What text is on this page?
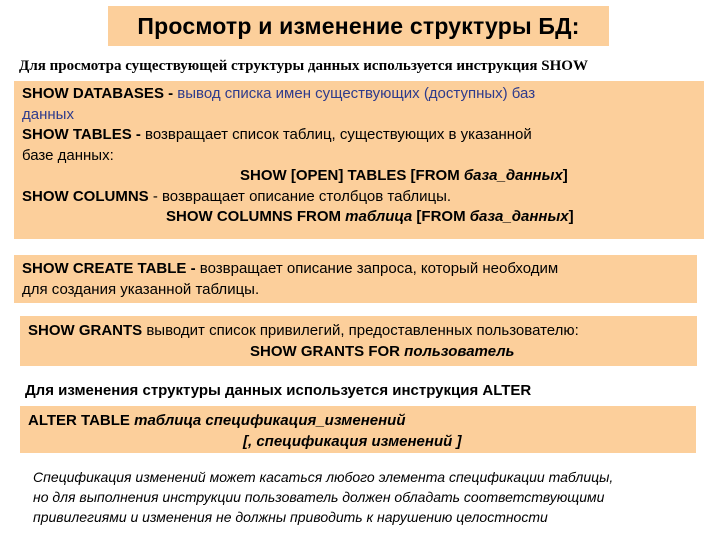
Просмотр и изменение структуры БД:
Для просмотра существующей структуры данных используется инструкция SHOW
SHOW DATABASES - вывод списка имен существующих (доступных) баз
данных
SHOW TABLES - возвращает список таблиц, существующих в указанной
базе данных:
SHOW [OPEN] TABLES [FROM база_данных]
SHOW COLUMNS - возвращает описание столбцов таблицы.
SHOW COLUMNS FROM таблица [FROM база_данных]
SHOW CREATE TABLE - возвращает описание запроса, который необходим
для создания указанной таблицы.
SHOW GRANTS выводит список привилегий, предоставленных пользователю:
SHOW GRANTS FOR пользователь
Для изменения структуры данных используется инструкция ALTER
ALTER TABLE таблица спецификация_изменений
[, спецификация изменений ]
Спецификация изменений может касаться любого элемента спецификации таблицы,
но для выполнения инструкции пользователь должен обладать соответствующими
привилегиями и изменения не должны приводить к нарушению целостности
